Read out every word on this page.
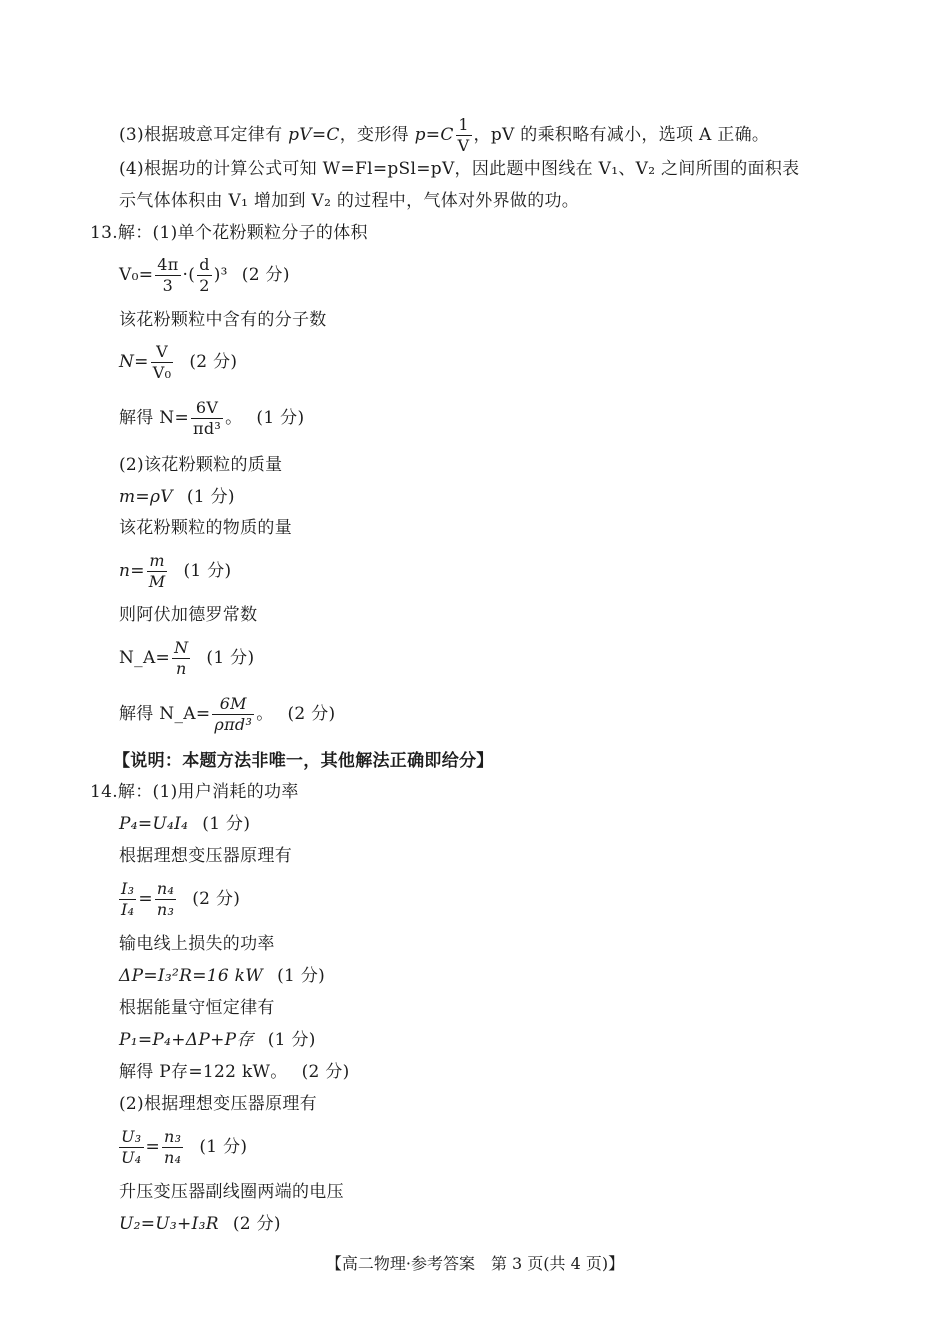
(3)根据玻意耳定律有 pV=C，变形得 $p=C \frac{1}{V}$ ，pV 的乘积略有减小，选项 A 正确。
(4)根据功的计算公式可知 W=Fl=pSl=pV，因此题中图线在 V₁、V₂ 之间所围的面积表
示气体体积由 V₁ 增加到 V₂ 的过程中，气体对外界做的功。
13.解：(1)单个花粉颗粒分子的体积
$V_0= \frac{4\pi}{3}$ ·( $\frac{d}{2} )^3$ (2 分)
该花粉颗粒中含有的分子数
$N= \frac{V}{\text{V₀}} (2$ 分)
解得 $N= \frac{6V}{\text{πd³}}$ 。 (1 分)
(2)该花粉颗粒的质量
m=ρV (1 分)
该花粉颗粒的物质的量
$n= \frac{m}{M} (1$ 分)
则阿伏加德罗常数
N_A= $\frac{N}{n} (1$ 分)
解得 N_A= $\frac{6M}{\text{ρπd³}}$ 。 (2 分)
【说明：本题方法非唯一，其他解法正确即给分】
14.解：(1)用户消耗的功率
P₄=U₄I₄ (1 分)
根据理想变压器原理有
$\frac{\text{I₃}}{\text{I₄}} = \frac{\text{n₄}}{\text{n₃}} (2$ 分)
输电线上损失的功率
ΔP=I₃²R=16 kW (1 分)
根据能量守恒定律有
P₁=P₄+ΔP+P存 (1 分)
解得 P存=122 kW。 (2 分)
(2)根据理想变压器原理有
$\frac{\text{U₃}}{\text{U₄}} = \frac{\text{n₃}}{\text{n₄}} (1$ 分)
升压变压器副线圈两端的电压
U₂=U₃+I₃R (2 分)
【高二物理·参考答案　第 3 页(共 4 页)】
